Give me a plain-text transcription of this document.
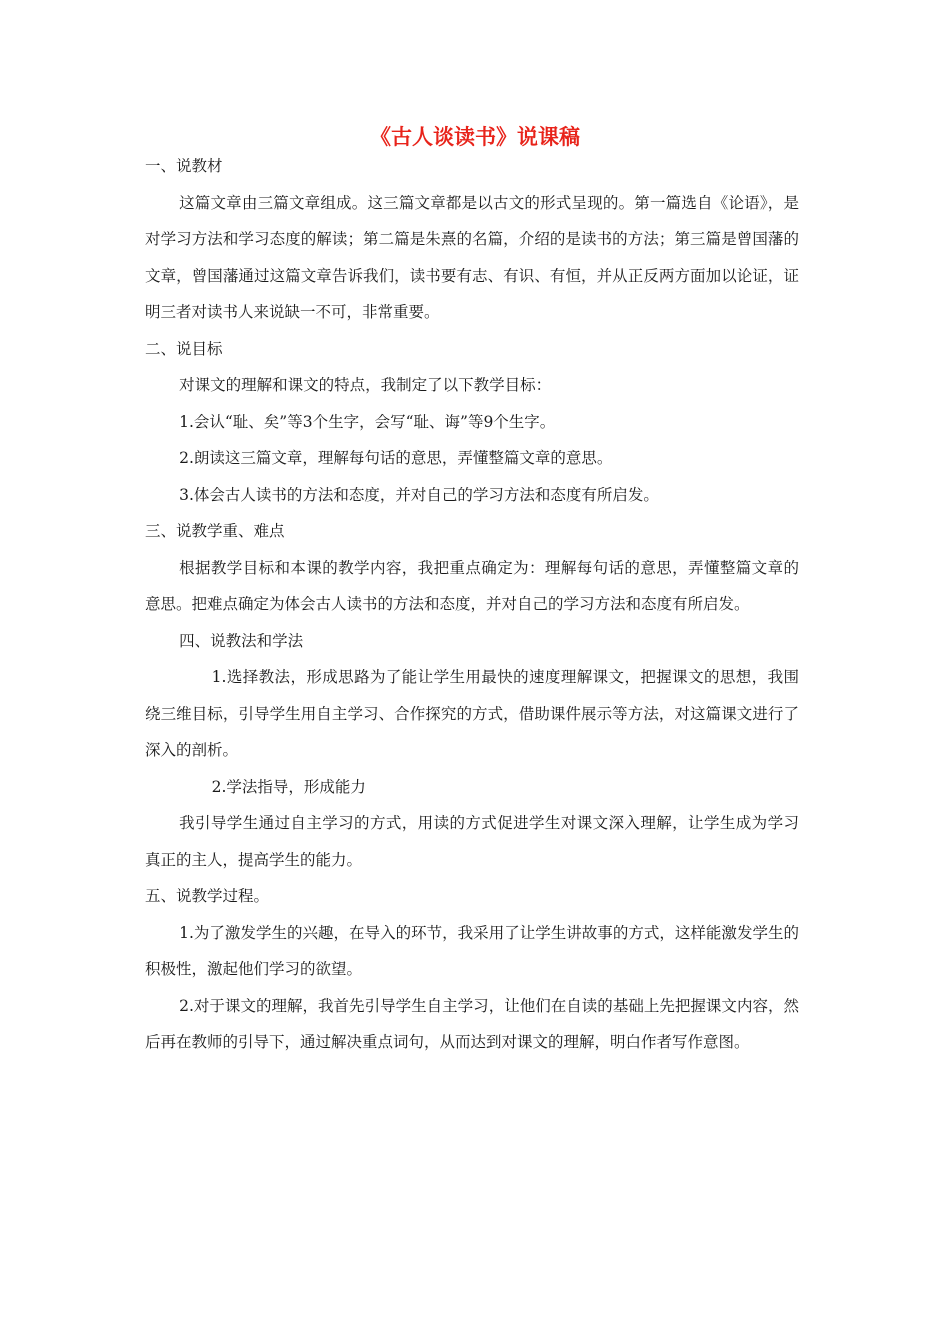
《古人谈读书》说课稿

一、说教材

这篇文章由三篇文章组成。这三篇文章都是以古文的形式呈现的。第一篇选自《论语》，是对学习方法和学习态度的解读；第二篇是朱熹的名篇，介绍的是读书的方法；第三篇是曾国藩的文章，曾国藩通过这篇文章告诉我们，读书要有志、有识、有恒，并从正反两方面加以论证，证明三者对读书人来说缺一不可，非常重要。

二、说目标

对课文的理解和课文的特点，我制定了以下教学目标：

1.会认“耻、矣”等3个生字，会写“耻、诲”等9个生字。

2.朗读这三篇文章，理解每句话的意思，弄懂整篇文章的意思。

3.体会古人读书的方法和态度，并对自己的学习方法和态度有所启发。

三、说教学重、难点

根据教学目标和本课的教学内容，我把重点确定为：理解每句话的意思，弄懂整篇文章的意思。把难点确定为体会古人读书的方法和态度，并对自己的学习方法和态度有所启发。

四、说教法和学法

1.选择教法，形成思路为了能让学生用最快的速度理解课文，把握课文的思想，我围绕三维目标，引导学生用自主学习、合作探究的方式，借助课件展示等方法，对这篇课文进行了深入的剖析。

2.学法指导，形成能力

我引导学生通过自主学习的方式，用读的方式促进学生对课文深入理解，让学生成为学习真正的主人，提高学生的能力。

五、说教学过程。

1.为了激发学生的兴趣，在导入的环节，我采用了让学生讲故事的方式，这样能激发学生的积极性，激起他们学习的欲望。

2.对于课文的理解，我首先引导学生自主学习，让他们在自读的基础上先把握课文内容，然后再在教师的引导下，通过解决重点词句，从而达到对课文的理解，明白作者写作意图。
